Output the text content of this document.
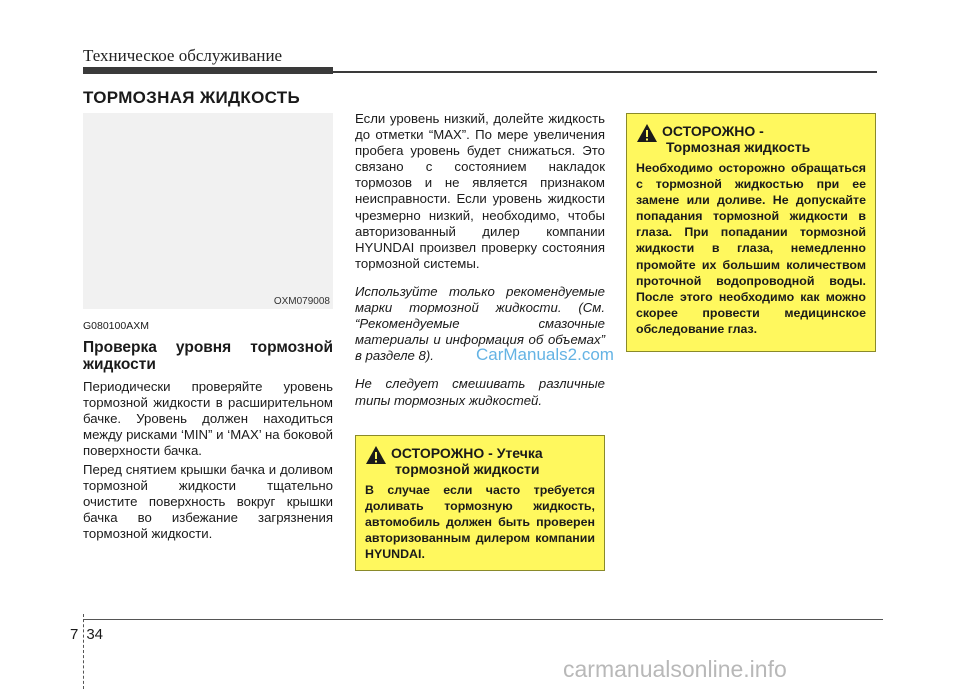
Техническое обслуживание
ТОРМОЗНАЯ ЖИДКОСТЬ
OXM079008

G080100AXM

Проверка уровня тормозной жидкости

Периодически проверяйте уровень тормозной жидкости в расширительном бачке. Уровень должен находиться между рисками ‘MIN” и ‘MAX’ на боковой поверхности бачка.

Перед снятием крышки бачка и доливом тормозной жидкости тщательно очистите поверхность вокруг крышки бачка во избежание загрязнения тормозной жидкости.

Если уровень низкий, долейте жидкость до отметки “MAX”. По мере увеличения пробега уровень будет снижаться. Это связано с состоянием накладок тормозов и не является признаком неисправности. Если уровень жидкости чрезмерно низкий, необходимо, чтобы авторизованный дилер компании HYUNDAI произвел проверку состояния тормозной системы.

Используйте только рекомендуемые марки тормозной жидкости. (См. “Рекомендуемые смазочные материалы и информация об объемах” в разделе 8).

Не следует смешивать различные типы тормозных жидкостей.

ОСТОРОЖНО - Утечка
тормозной жидкости
В случае если часто требуется доливать тормозную жидкость, автомобиль должен быть проверен авторизованным дилером компании HYUNDAI.
ОСТОРОЖНО -
Тормозная жидкость
Необходимо осторожно обращаться с тормозной жидкостью при ее замене или доливе. Не допускайте попадания тормозной жидкости в глаза. При попадании тормозной жидкости в глаза, немедленно промойте их большим количеством проточной водопроводной воды. После этого необходимо как можно скорее провести медицинское обследование глаз.
CarManuals2.com
7 34
carmanualsonline.info
